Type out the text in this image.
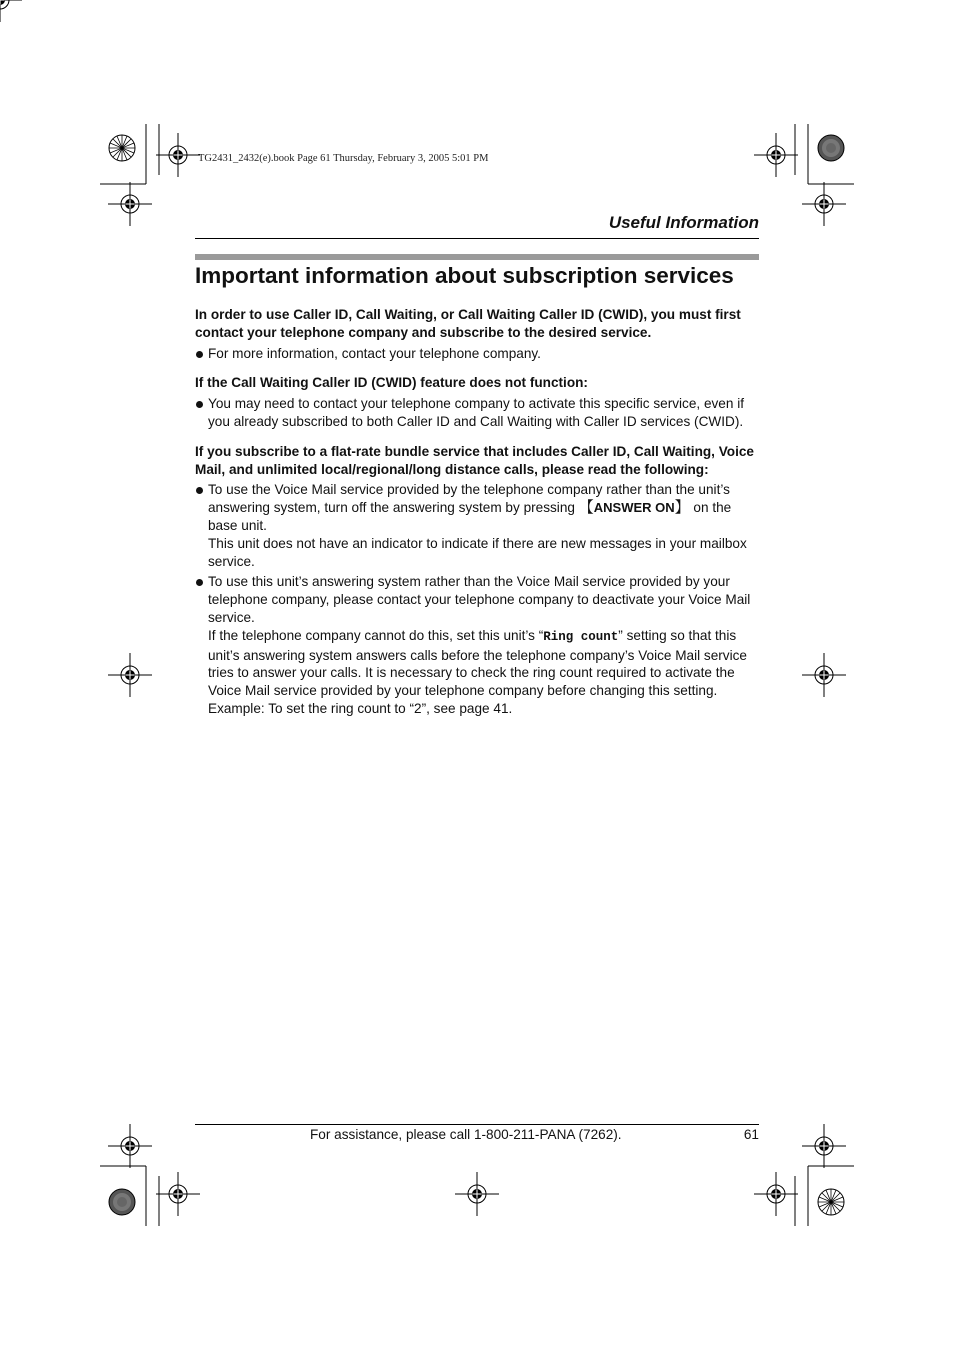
TG2431_2432(e).book Page 61 Thursday, February 3, 2005 5:01 PM
Useful Information
Important information about subscription services

In order to use Caller ID, Call Waiting, or Call Waiting Caller ID (CWID), you must first contact your telephone company and subscribe to the desired service.

For more information, contact your telephone company.

If the Call Waiting Caller ID (CWID) feature does not function:

You may need to contact your telephone company to activate this specific service, even if you already subscribed to both Caller ID and Call Waiting with Caller ID services (CWID).

If you subscribe to a flat-rate bundle service that includes Caller ID, Call Waiting, Voice Mail, and unlimited local/regional/long distance calls, please read the following:

To use the Voice Mail service provided by the telephone company rather than the unit’s answering system, turn off the answering system by pressing 【ANSWER ON】 on the base unit.
This unit does not have an indicator to indicate if there are new messages in your mailbox service.
To use this unit’s answering system rather than the Voice Mail service provided by your telephone company, please contact your telephone company to deactivate your Voice Mail service.
If the telephone company cannot do this, set this unit’s “Ring count” setting so that this unit’s answering system answers calls before the telephone company’s Voice Mail service tries to answer your calls. It is necessary to check the ring count required to activate the Voice Mail service provided by your telephone company before changing this setting.
Example: To set the ring count to “2”, see page 41.
For assistance, please call 1-800-211-PANA (7262).	61
